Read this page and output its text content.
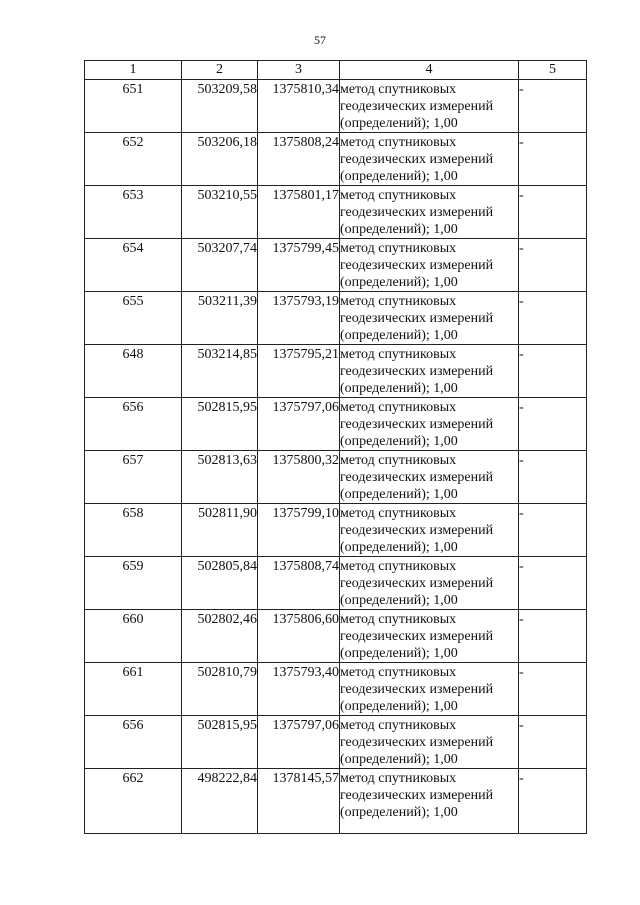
57
1	2	3	4	5
651	503209,58	1375810,34	метод спутниковых геодезических измерений (определений); 1,00	-
652	503206,18	1375808,24	метод спутниковых геодезических измерений (определений); 1,00	-
653	503210,55	1375801,17	метод спутниковых геодезических измерений (определений); 1,00	-
654	503207,74	1375799,45	метод спутниковых геодезических измерений (определений); 1,00	-
655	503211,39	1375793,19	метод спутниковых геодезических измерений (определений); 1,00	-
648	503214,85	1375795,21	метод спутниковых геодезических измерений (определений); 1,00	-
656	502815,95	1375797,06	метод спутниковых геодезических измерений (определений); 1,00	-
657	502813,63	1375800,32	метод спутниковых геодезических измерений (определений); 1,00	-
658	502811,90	1375799,10	метод спутниковых геодезических измерений (определений); 1,00	-
659	502805,84	1375808,74	метод спутниковых геодезических измерений (определений); 1,00	-
660	502802,46	1375806,60	метод спутниковых геодезических измерений (определений); 1,00	-
661	502810,79	1375793,40	метод спутниковых геодезических измерений (определений); 1,00	-
656	502815,95	1375797,06	метод спутниковых геодезических измерений (определений); 1,00	-
662	498222,84	1378145,57	метод спутниковых геодезических измерений (определений); 1,00	-
